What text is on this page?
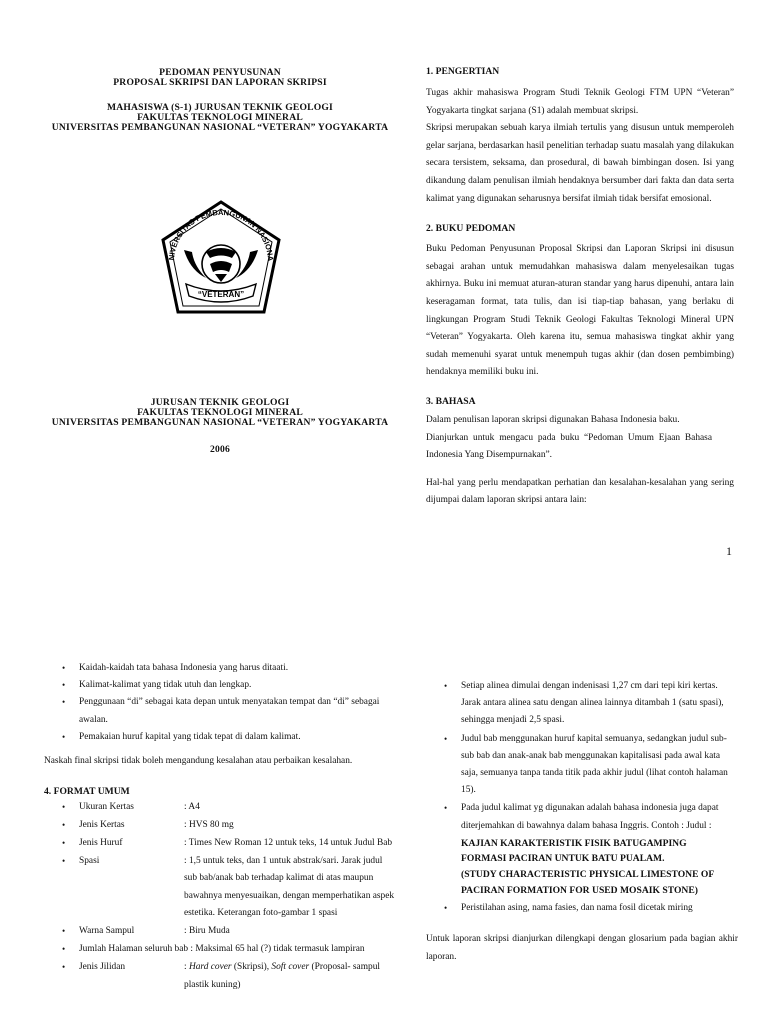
PEDOMAN PENYUSUNAN
PROPOSAL SKRIPSI DAN LAPORAN SKRIPSI
MAHASISWA (S-1) JURUSAN TEKNIK GEOLOGI
FAKULTAS TEKNOLOGI MINERAL
UNIVERSITAS PEMBANGUNAN NASIONAL “VETERAN” YOGYAKARTA
NIVERSITAS PEMBANGUNAN NASIONA
“VETERAN”
JURUSAN TEKNIK GEOLOGI
FAKULTAS TEKNOLOGI MINERAL
UNIVERSITAS PEMBANGUNAN NASIONAL “VETERAN” YOGYAKARTA
2006
1. PENGERTIAN
Tugas akhir mahasiswa Program Studi Teknik Geologi FTM UPN “Veteran” Yogyakarta tingkat sarjana (S1) adalah membuat skripsi.
Skripsi merupakan sebuah karya ilmiah tertulis yang disusun untuk memperoleh gelar sarjana, berdasarkan hasil penelitian terhadap suatu masalah yang dilakukan secara tersistem, seksama, dan prosedural, di bawah bimbingan dosen. Isi yang dikandung dalam penulisan ilmiah hendaknya bersumber dari fakta dan data serta kalimat yang digunakan seharusnya bersifat ilmiah tidak bersifat emosional.
2. BUKU PEDOMAN
Buku Pedoman Penyusunan Proposal Skripsi dan Laporan Skripsi ini disusun sebagai arahan untuk memudahkan mahasiswa dalam menyelesaikan tugas akhirnya. Buku ini memuat aturan-aturan standar yang harus dipenuhi, antara lain keseragaman format, tata tulis, dan isi tiap-tiap bahasan, yang berlaku di lingkungan Program Studi Teknik Geologi Fakultas Teknologi Mineral UPN “Veteran” Yogyakarta. Oleh karena itu, semua mahasiswa tingkat akhir yang sudah memenuhi syarat untuk menempuh tugas akhir (dan dosen pembimbing) hendaknya memiliki buku ini.
3. BAHASA
Dalam penulisan laporan skripsi digunakan Bahasa Indonesia baku.
Dianjurkan untuk mengacu pada buku “Pedoman Umum Ejaan Bahasa Indonesia Yang Disempurnakan”.
Hal-hal yang perlu mendapatkan perhatian dan kesalahan-kesalahan yang sering dijumpai dalam laporan skripsi antara lain:
1
• Kaidah-kaidah tata bahasa Indonesia yang harus ditaati.
• Kalimat-kalimat yang tidak utuh dan lengkap.
• Penggunaan “di” sebagai kata depan untuk menyatakan tempat dan “di” sebagai awalan.
• Pemakaian huruf kapital yang tidak tepat di dalam kalimat.
Naskah final skripsi tidak boleh mengandung kesalahan atau perbaikan kesalahan.
4. FORMAT UMUM
• Ukuran Kertas	: A4
• Jenis Kertas	: HVS 80 mg
• Jenis Huruf	: Times New Roman 12 untuk teks, 14 untuk Judul Bab
• Spasi	: 1,5 untuk teks, dan 1 untuk abstrak/sari. Jarak judul sub bab/anak bab terhadap kalimat di atas maupun bawahnya menyesuaikan, dengan memperhatikan aspek estetika. Keterangan foto-gambar 1 spasi
• Warna Sampul	: Biru Muda
• Jumlah Halaman seluruh bab : Maksimal 65 hal (?) tidak termasuk lampiran
• Jenis Jilidan	: Hard cover (Skripsi), Soft cover (Proposal- sampul plastik kuning)
• Setiap alinea dimulai dengan indenisasi 1,27 cm dari tepi kiri kertas. Jarak antara alinea satu dengan alinea lainnya ditambah 1 (satu spasi), sehingga menjadi 2,5 spasi.
• Judul bab menggunakan huruf kapital semuanya, sedangkan judul sub-sub bab dan anak-anak bab menggunakan kapitalisasi pada awal kata saja, semuanya tanpa tanda titik pada akhir judul (lihat contoh halaman 15).
• Pada judul kalimat yg digunakan adalah bahasa indonesia juga dapat diterjemahkan di bawahnya dalam bahasa Inggris. Contoh : Judul :
KAJIAN KARAKTERISTIK FISIK BATUGAMPING
FORMASI PACIRAN UNTUK BATU PUALAM.
(STUDY CHARACTERISTIC PHYSICAL LIMESTONE OF
PACIRAN FORMATION FOR USED MOSAIK STONE)
• Peristilahan asing, nama fasies, dan nama fosil dicetak miring
Untuk laporan skripsi dianjurkan dilengkapi dengan glosarium pada bagian akhir laporan.
